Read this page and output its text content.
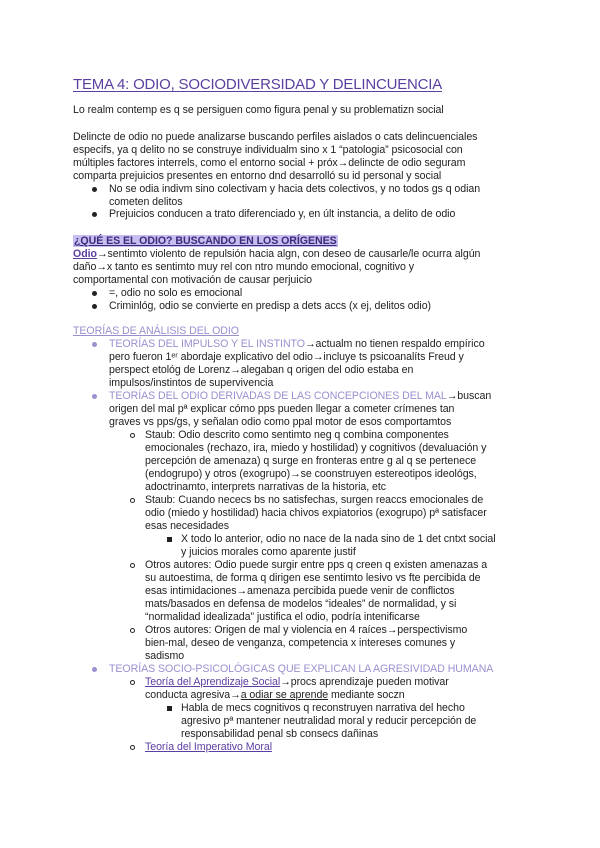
TEMA 4: ODIO, SOCIODIVERSIDAD Y DELINCUENCIA
Lo realm contemp es q se persiguen como figura penal y su problematizn social
Delincte de odio no puede analizarse buscando perfiles aislados o cats delincuenciales
especifs, ya q delito no se construye individualm sino x 1 “patologia” psicosocial con
múltiples factores interrels, como el entorno social + próx→delincte de odio seguram
comparta prejuicios presentes en entorno dnd desarrolló su id personal y social
No se odia indivm sino colectivam y hacia dets colectivos, y no todos gs q odian
cometen delitos
Prejuicios conducen a trato diferenciado y, en últ instancia, a delito de odio
¿QUÉ ES EL ODIO? BUSCANDO EN LOS ORÍGENES
Odio→sentimto violento de repulsión hacia algn, con deseo de causarle/le ocurra algún
daño→x tanto es sentimto muy rel con ntro mundo emocional, cognitivo y
comportamental con motivación de causar perjuicio
=, odio no solo es emocional
Criminlóg, odio se convierte en predisp a dets accs (x ej, delitos odio)
TEORÍAS DE ANÁLISIS DEL ODIO
TEORÍAS DEL IMPULSO Y EL INSTINTO→actualm no tienen respaldo empírico
pero fueron 1ᵉʳ abordaje explicativo del odio→incluye ts psicoanalíts Freud y
perspect etológ de Lorenz→alegaban q origen del odio estaba en
impulsos/instintos de supervivencia
TEORÍAS DEL ODIO DERIVADAS DE LAS CONCEPCIONES DEL MAL→buscan
origen del mal pª explicar cómo pps pueden llegar a cometer crímenes tan
graves vs pps/gs, y señalan odio como ppal motor de esos comportamtos
Staub: Odio descrito como sentimto neg q combina componentes
emocionales (rechazo, ira, miedo y hostilidad) y cognitivos (devaluación y
percepción de amenaza) q surge en fronteras entre g al q se pertenece
(endogrupo) y otros (exogrupo)→se coonstruyen estereotipos ideológs,
adoctrinamto, interprets narrativas de la historia, etc
Staub: Cuando nececs bs no satisfechas, surgen reaccs emocionales de
odio (miedo y hostilidad) hacia chivos expiatorios (exogrupo) pª satisfacer
esas necesidades
X todo lo anterior, odio no nace de la nada sino de 1 det cntxt social
y juicios morales como aparente justif
Otros autores: Odio puede surgir entre pps q creen q existen amenazas a
su autoestima, de forma q dirigen ese sentimto lesivo vs fte percibida de
esas intimidaciones→amenaza percibida puede venir de conflictos
mats/basados en defensa de modelos “ideales” de normalidad, y si
“normalidad idealizada” justifica el odio, podría intenificarse
Otros autores: Origen de mal y violencia en 4 raíces→perspectivismo
bien-mal, deseo de venganza, competencia x intereses comunes y
sadismo
TEORÍAS SOCIO-PSICOLÓGICAS QUE EXPLICAN LA AGRESIVIDAD HUMANA
Teoría del Aprendizaje Social→procs aprendizaje pueden motivar
conducta agresiva→a odiar se aprende mediante soczn
Habla de mecs cognitivos q reconstruyen narrativa del hecho
agresivo pª mantener neutralidad moral y reducir percepción de
responsabilidad penal sb consecs dañinas
Teoría del Imperativo Moral
